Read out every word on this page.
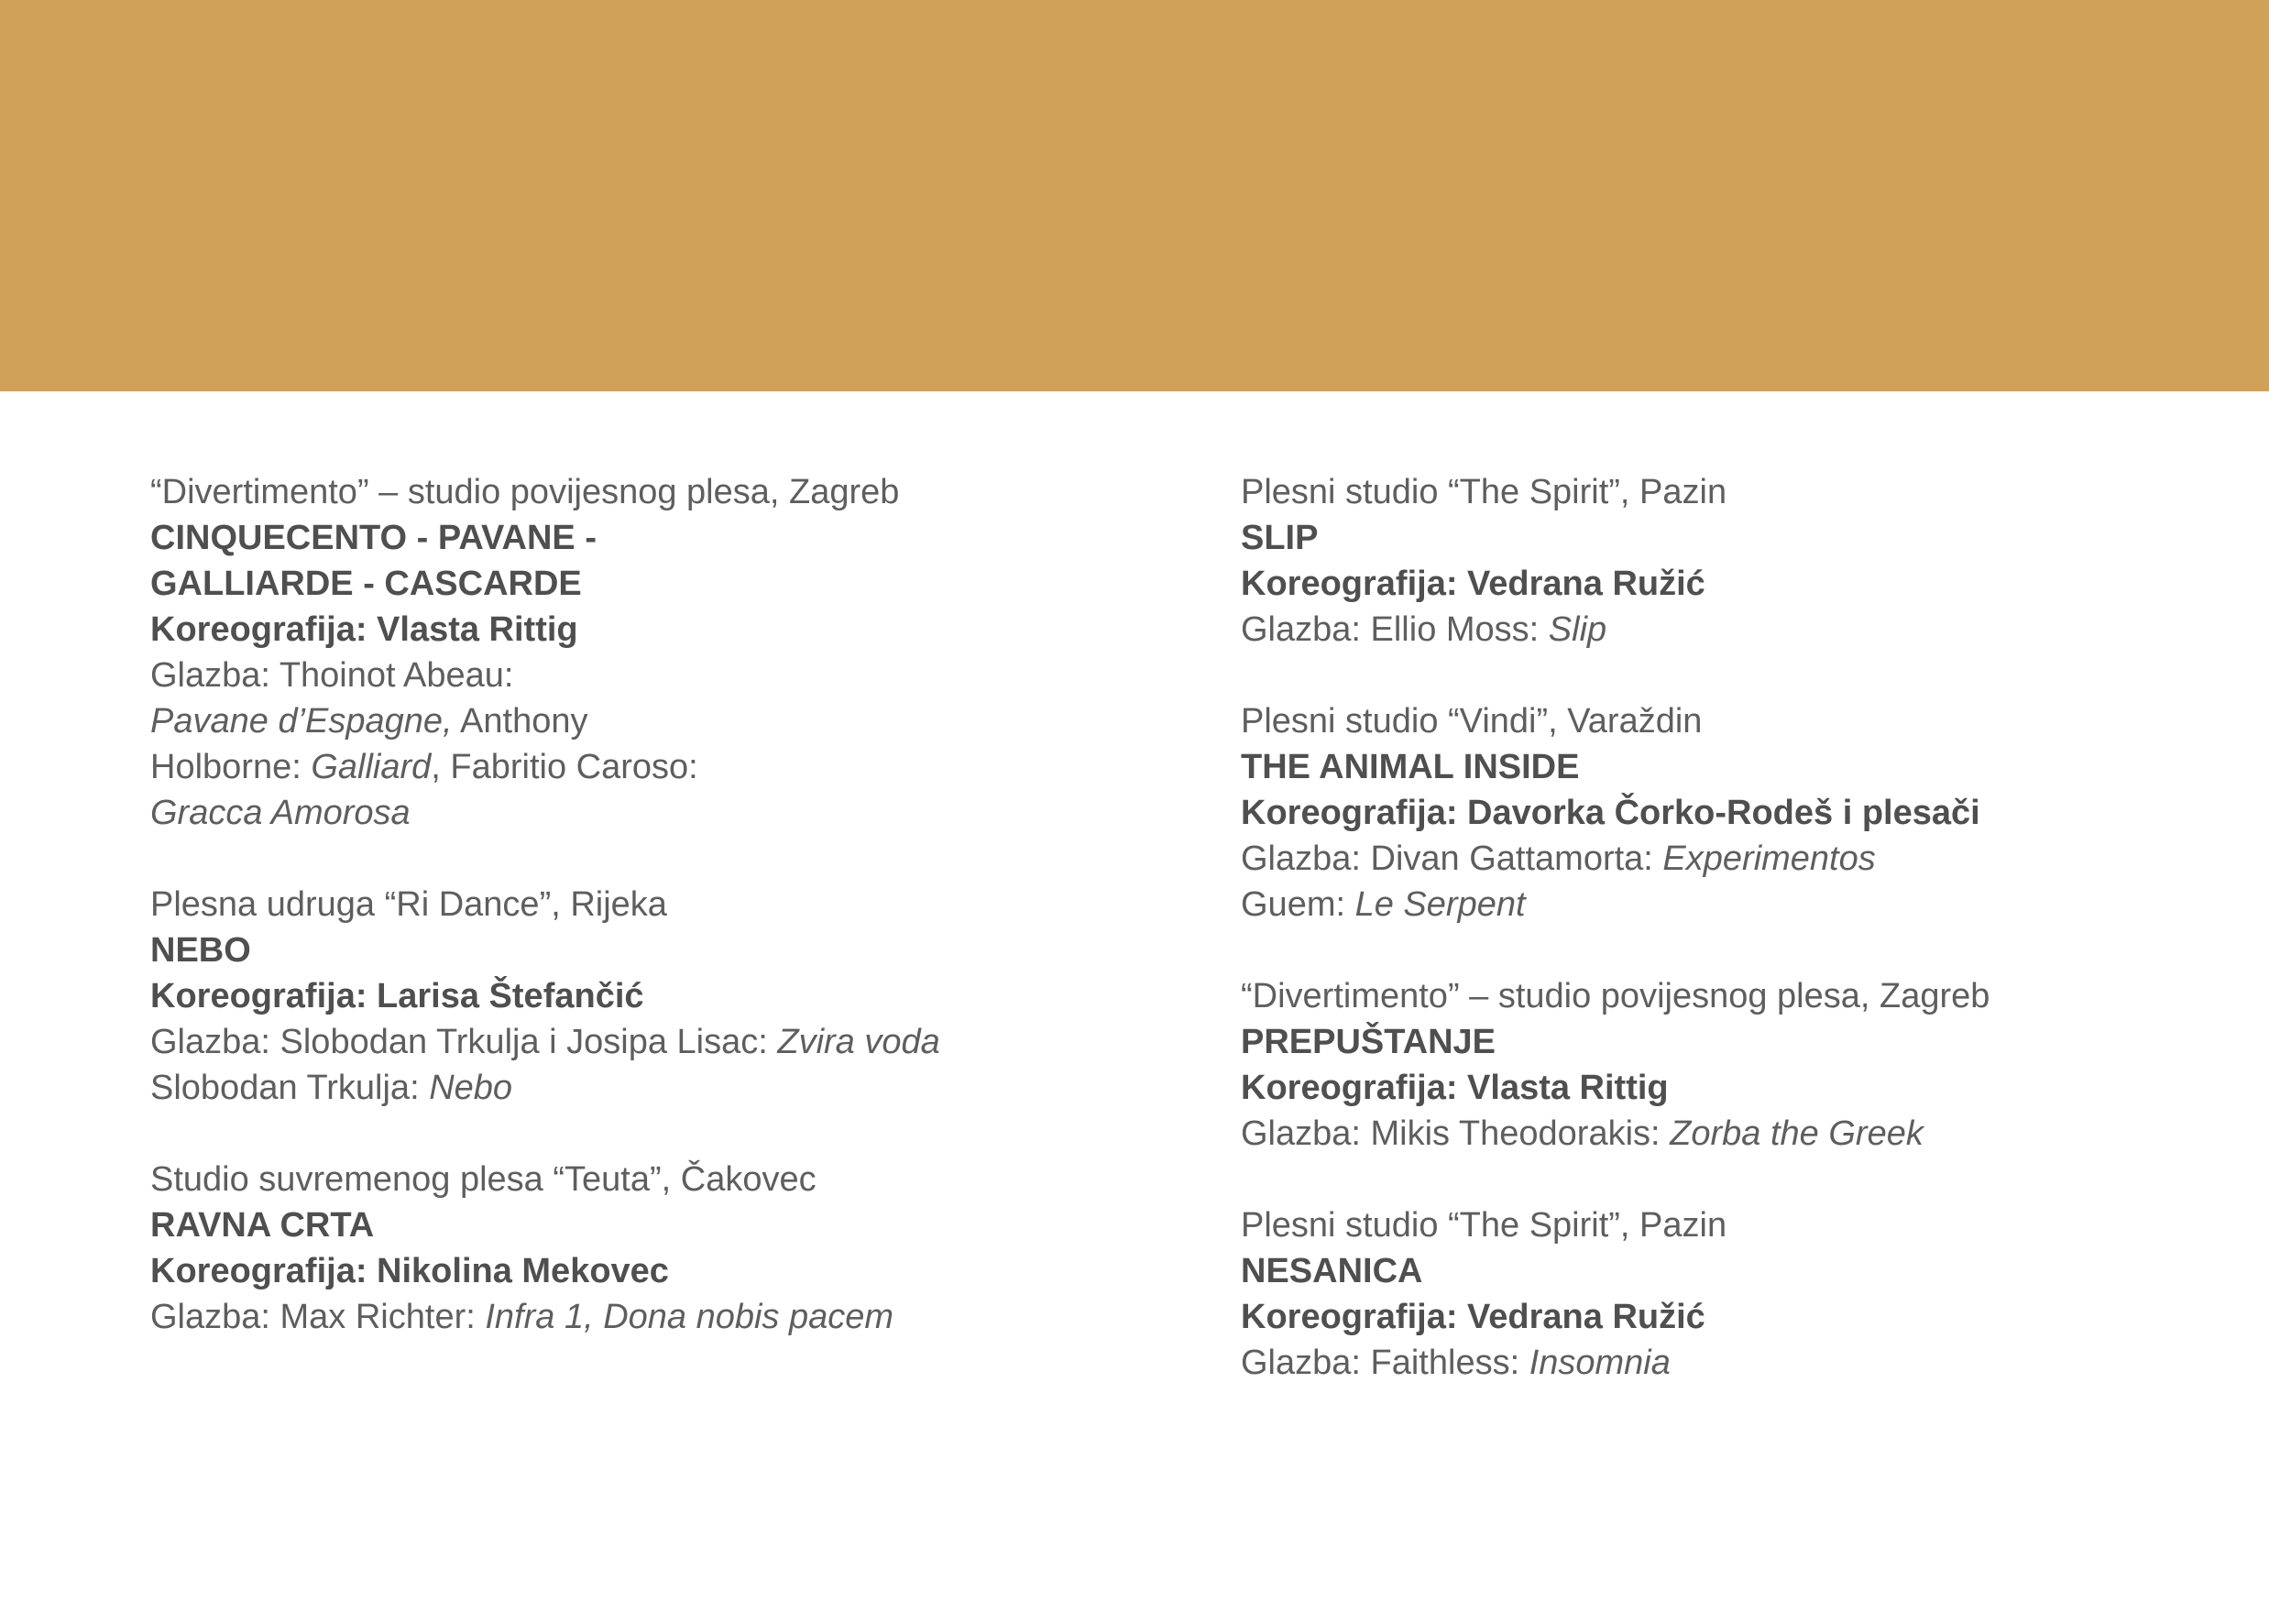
“Divertimento” – studio povijesnog plesa, Zagreb

CINQUECENTO - PAVANE -

GALLIARDE - CASCARDE

Koreografija: Vlasta Rittig

Glazba: Thoinot Abeau:

Pavane d’Espagne, Anthony

Holborne: Galliard, Fabritio Caroso:

Gracca Amorosa

Plesna udruga “Ri Dance”, Rijeka

NEBO

Koreografija: Larisa Štefančić

Glazba: Slobodan Trkulja i Josipa Lisac: Zvira voda

Slobodan Trkulja: Nebo

Studio suvremenog plesa “Teuta”, Čakovec

RAVNA CRTA

Koreografija: Nikolina Mekovec

Glazba: Max Richter: Infra 1, Dona nobis pacem

Plesni studio “The Spirit”, Pazin

SLIP

Koreografija: Vedrana Ružić

Glazba: Ellio Moss: Slip

Plesni studio “Vindi”, Varaždin

THE ANIMAL INSIDE

Koreografija: Davorka Čorko-Rodeš i plesači

Glazba: Divan Gattamorta: Experimentos

Guem: Le Serpent

“Divertimento” – studio povijesnog plesa, Zagreb

PREPUŠTANJE

Koreografija: Vlasta Rittig

Glazba: Mikis Theodorakis: Zorba the Greek

Plesni studio “The Spirit”, Pazin

NESANICA

Koreografija: Vedrana Ružić

Glazba: Faithless: Insomnia
